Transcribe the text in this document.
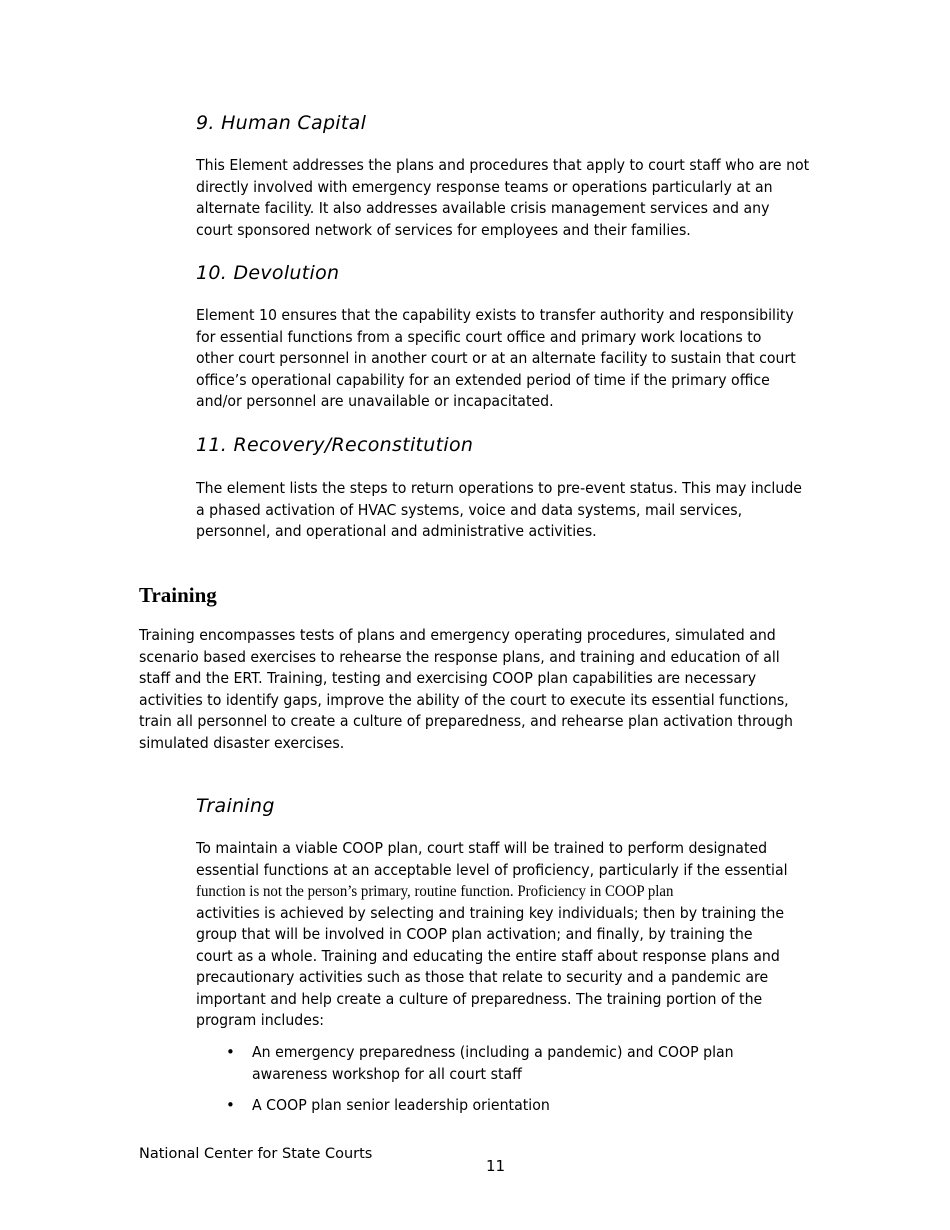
9. Human Capital

This Element addresses the plans and procedures that apply to court staff who are not
directly involved with emergency response teams or operations particularly at an
alternate facility. It also addresses available crisis management services and any
court sponsored network of services for employees and their families.

10. Devolution

Element 10 ensures that the capability exists to transfer authority and responsibility
for essential functions from a specific court office and primary work locations to
other court personnel in another court or at an alternate facility to sustain that court
office’s operational capability for an extended period of time if the primary office
and/or personnel are unavailable or incapacitated.

11. Recovery/Reconstitution

The element lists the steps to return operations to pre-event status. This may include
a phased activation of HVAC systems, voice and data systems, mail services,
personnel, and operational and administrative activities.

Training

Training encompasses tests of plans and emergency operating procedures, simulated and
scenario based exercises to rehearse the response plans, and training and education of all
staff and the ERT. Training, testing and exercising COOP plan capabilities are necessary
activities to identify gaps, improve the ability of the court to execute its essential functions,
train all personnel to create a culture of preparedness, and rehearse plan activation through
simulated disaster exercises.

Training

To maintain a viable COOP plan, court staff will be trained to perform designated
essential functions at an acceptable level of proficiency, particularly if the essential
function is not the person’s primary, routine function. Proficiency in COOP plan
activities is achieved by selecting and training key individuals; then by training the
group that will be involved in COOP plan activation; and finally, by training the
court as a whole. Training and educating the entire staff about response plans and
precautionary activities such as those that relate to security and a pandemic are
important and help create a culture of preparedness. The training portion of the
program includes:

• An emergency preparedness (including a pandemic) and COOP plan
awareness workshop for all court staff
• A COOP plan senior leadership orientation

National Center for State Courts

11
